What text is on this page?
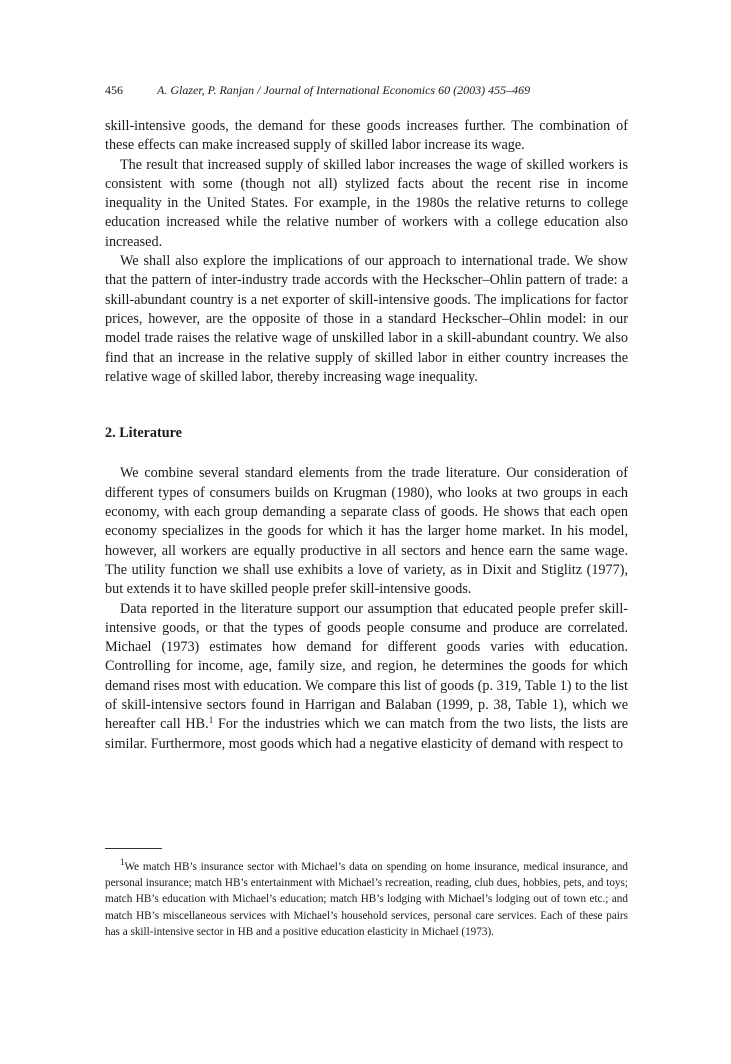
456	A. Glazer, P. Ranjan / Journal of International Economics 60 (2003) 455–469

skill-intensive goods, the demand for these goods increases further. The combination of these effects can make increased supply of skilled labor increase its wage.

The result that increased supply of skilled labor increases the wage of skilled workers is consistent with some (though not all) stylized facts about the recent rise in income inequality in the United States. For example, in the 1980s the relative returns to college education increased while the relative number of workers with a college education also increased.

We shall also explore the implications of our approach to international trade. We show that the pattern of inter-industry trade accords with the Heckscher–Ohlin pattern of trade: a skill-abundant country is a net exporter of skill-intensive goods. The implications for factor prices, however, are the opposite of those in a standard Heckscher–Ohlin model: in our model trade raises the relative wage of unskilled labor in a skill-abundant country. We also find that an increase in the relative supply of skilled labor in either country increases the relative wage of skilled labor, thereby increasing wage inequality.

2. Literature

We combine several standard elements from the trade literature. Our consideration of different types of consumers builds on Krugman (1980), who looks at two groups in each economy, with each group demanding a separate class of goods. He shows that each open economy specializes in the goods for which it has the larger home market. In his model, however, all workers are equally productive in all sectors and hence earn the same wage. The utility function we shall use exhibits a love of variety, as in Dixit and Stiglitz (1977), but extends it to have skilled people prefer skill-intensive goods.

Data reported in the literature support our assumption that educated people prefer skill-intensive goods, or that the types of goods people consume and produce are correlated. Michael (1973) estimates how demand for different goods varies with education. Controlling for income, age, family size, and region, he determines the goods for which demand rises most with education. We compare this list of goods (p. 319, Table 1) to the list of skill-intensive sectors found in Harrigan and Balaban (1999, p. 38, Table 1), which we hereafter call HB.$^1$ For the industries which we can match from the two lists, the lists are similar. Furthermore, most goods which had a negative elasticity of demand with respect to

$^1$We match HB’s insurance sector with Michael’s data on spending on home insurance, medical insurance, and personal insurance; match HB’s entertainment with Michael’s recreation, reading, club dues, hobbies, pets, and toys; match HB’s education with Michael’s education; match HB’s lodging with Michael’s lodging out of town etc.; and match HB’s miscellaneous services with Michael’s household services, personal care services. Each of these pairs has a skill-intensive sector in HB and a positive education elasticity in Michael (1973).
